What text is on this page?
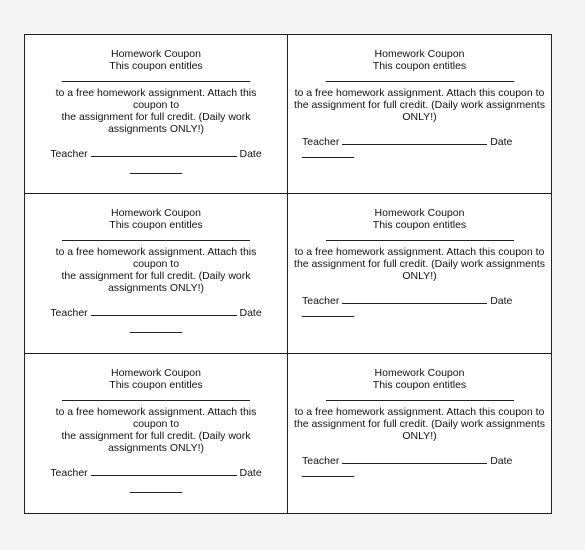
Homework Coupon
This coupon entitles
to a free homework assignment. Attach this coupon to
the assignment for full credit. (Daily work
assignments ONLY!)
Teacher	Date
Homework Coupon
This coupon entitles
to a free homework assignment. Attach this coupon to
the assignment for full credit. (Daily work assignments ONLY!)
Teacher	Date
Homework Coupon
This coupon entitles
to a free homework assignment. Attach this coupon to
the assignment for full credit. (Daily work
assignments ONLY!)
Teacher	Date
Homework Coupon
This coupon entitles
to a free homework assignment. Attach this coupon to
the assignment for full credit. (Daily work assignments ONLY!)
Teacher	Date
Homework Coupon
This coupon entitles
to a free homework assignment. Attach this coupon to
the assignment for full credit. (Daily work
assignments ONLY!)
Teacher	Date
Homework Coupon
This coupon entitles
to a free homework assignment. Attach this coupon to
the assignment for full credit. (Daily work assignments ONLY!)
Teacher	Date
